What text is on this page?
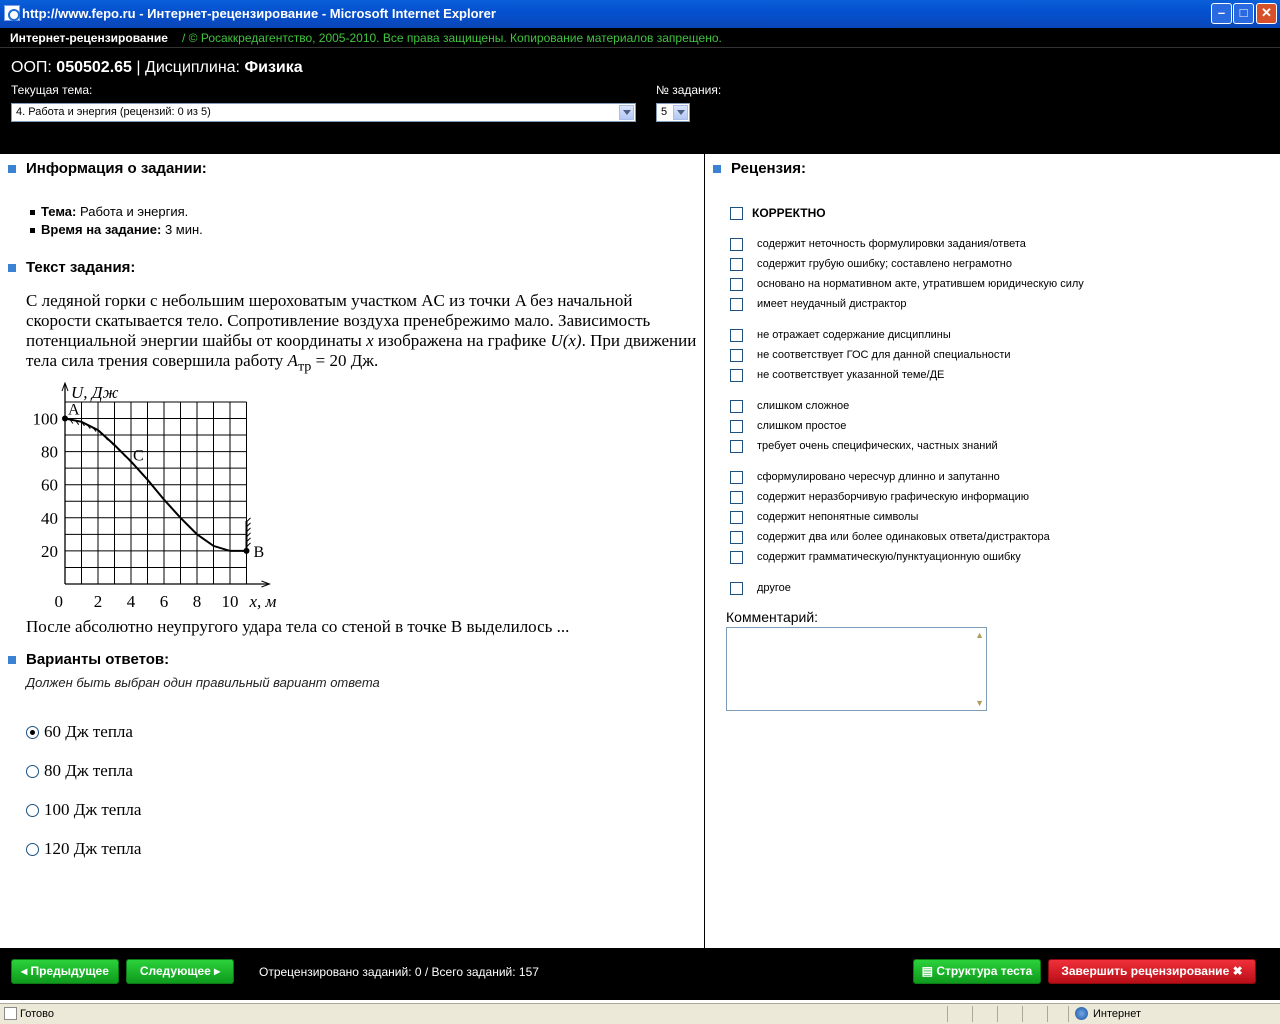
http://www.fepo.ru - Интернет-рецензирование - Microsoft Internet Explorer	–	□	✕
Интернет-рецензирование / © Росаккредагентство, 2005-2010. Все права защищены. Копирование материалов запрещено.
ООП: 050502.65 | Дисциплина: Физика
Текущая тема:
4. Работа и энергия (рецензий: 0 из 5)
№ задания:
5
Информация о задании:
Тема: Работа и энергия.
Время на задание: 3 мин.
Текст задания:
С ледяной горки с небольшим шероховатым участком AC из точки A без начальной скорости скатывается тело. Сопротивление воздуха пренебрежимо мало. Зависимость потенциальной энергии шайбы от координаты x изображена на графике U(x). При движении тела сила трения совершила работу $A_{тр} = 20$ Дж.
A
C
B
20
40
60
80
100
0 2 4 6 8 10
U, Дж
x, м
После абсолютно неупругого удара тела со стеной в точке B выделилось ...
Варианты ответов:
Должен быть выбран один правильный вариант ответа
60 Дж тепла
80 Дж тепла
100 Дж тепла
120 Дж тепла
Рецензия:
КОРРЕКТНО
содержит неточность формулировки задания/ответа
содержит грубую ошибку; составлено неграмотно
основано на нормативном акте, утратившем юридическую силу
имеет неудачный дистрактор
не отражает содержание дисциплины
не соответствует ГОС для данной специальности
не соответствует указанной теме/ДЕ
слишком сложное
слишком простое
требует очень специфических, частных знаний
сформулировано чересчур длинно и запутанно
содержит неразборчивую графическую информацию
содержит непонятные символы
содержит два или более одинаковых ответа/дистрактора
содержит грамматическую/пунктуационную ошибку
другое
Комментарий:
▲
▼
◂ Предыдущее	Следующее ▸	Отрецензировано заданий: 0 / Всего заданий: 157	▤ Структура теста	Завершить рецензирование ✖
Готово	Интернет
